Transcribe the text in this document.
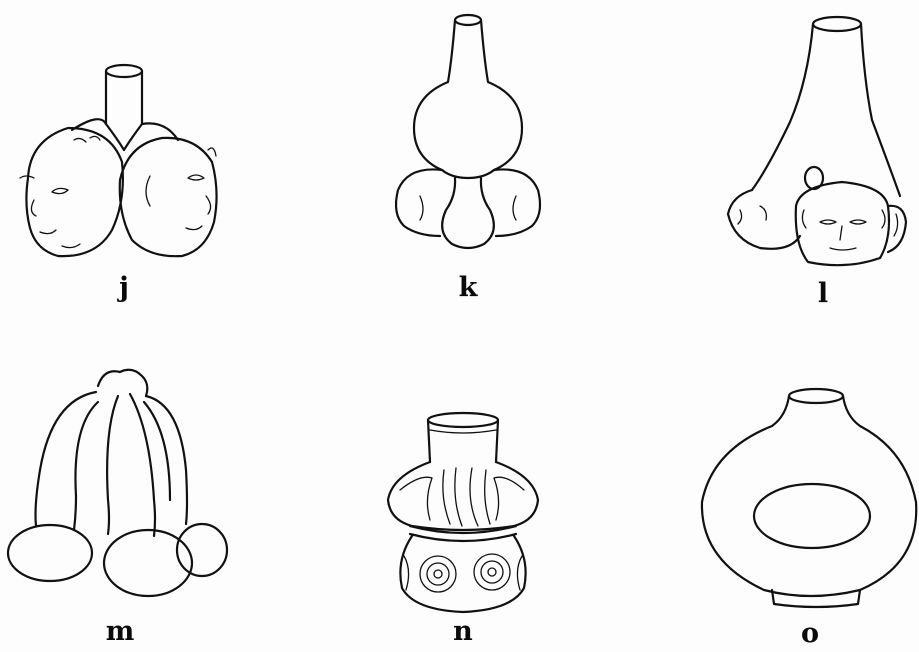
j	k	l
m	n	o
